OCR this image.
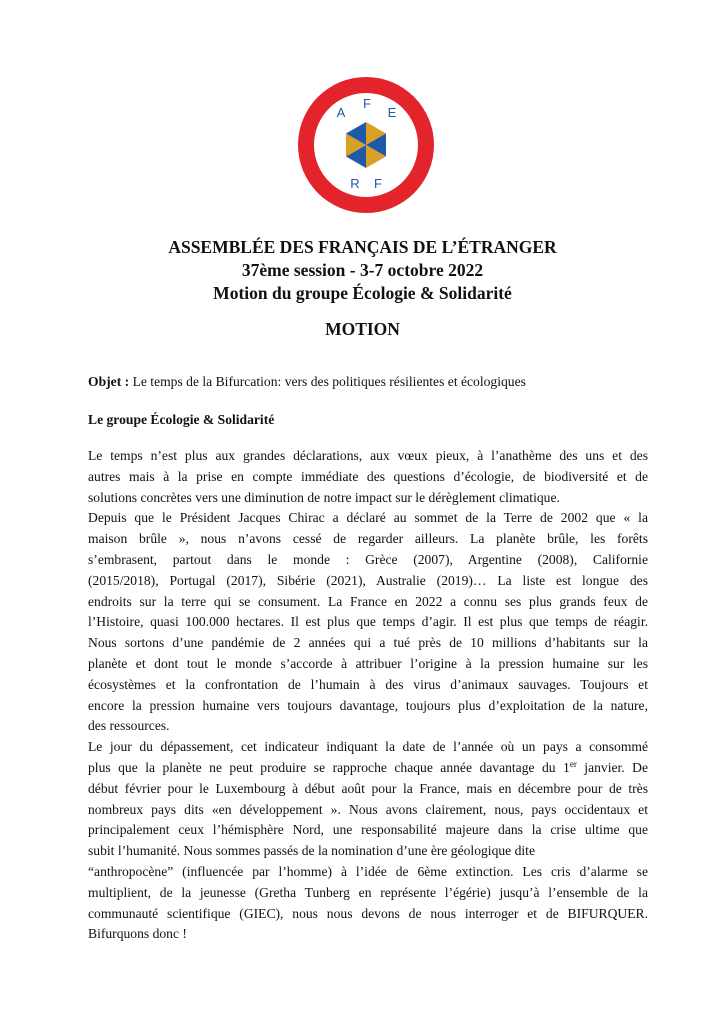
A
F
E
R F
ASSEMBLÉE DES FRANÇAIS DE L’ÉTRANGER
37ème session - 3-7 octobre 2022
Motion du groupe Écologie & Solidarité
MOTION
Objet : Le temps de la Bifurcation: vers des politiques résilientes et écologiques
Le groupe Écologie & Solidarité
Le temps n’est plus aux grandes déclarations, aux vœux pieux, à l’anathème des uns et des
autres mais à la prise en compte immédiate des questions d’écologie, de biodiversité et de
solutions concrètes vers une diminution de notre impact sur le dérèglement climatique.
Depuis que le Président Jacques Chirac a déclaré au sommet de la Terre de 2002 que « la
maison brûle », nous n’avons cessé de regarder ailleurs. La planète brûle, les forêts
s’embrasent, partout dans le monde : Grèce (2007), Argentine (2008), Californie
(2015/2018), Portugal (2017), Sibérie (2021), Australie (2019)… La liste est longue des
endroits sur la terre qui se consument. La France en 2022 a connu ses plus grands feux de
l’Histoire, quasi 100.000 hectares. Il est plus que temps d’agir. Il est plus que temps de réagir.
Nous sortons d’une pandémie de 2 années qui a tué près de 10 millions d’habitants sur la
planète et dont tout le monde s’accorde à attribuer l’origine à la pression humaine sur les
écosystèmes et la confrontation de l’humain à des virus d’animaux sauvages. Toujours et
encore la pression humaine vers toujours davantage, toujours plus d’exploitation de la nature,
des ressources.
Le jour du dépassement, cet indicateur indiquant la date de l’année où un pays a consommé
plus que la planète ne peut produire se rapproche chaque année davantage du 1er janvier. De
début février pour le Luxembourg à début août pour la France, mais en décembre pour de très
nombreux pays dits «en développement ». Nous avons clairement, nous, pays occidentaux et
principalement ceux l’hémisphère Nord, une responsabilité majeure dans la crise ultime que
subit l’humanité. Nous sommes passés de la nomination d’une ère géologique dite
“anthropocène” (influencée par l’homme) à l’idée de 6ème extinction. Les cris d’alarme se
multiplient, de la jeunesse (Gretha Tunberg en représente l’égérie) jusqu’à l’ensemble de la
communauté scientifique (GIEC), nous nous devons de nous interroger et de BIFURQUER.
Bifurquons donc !
